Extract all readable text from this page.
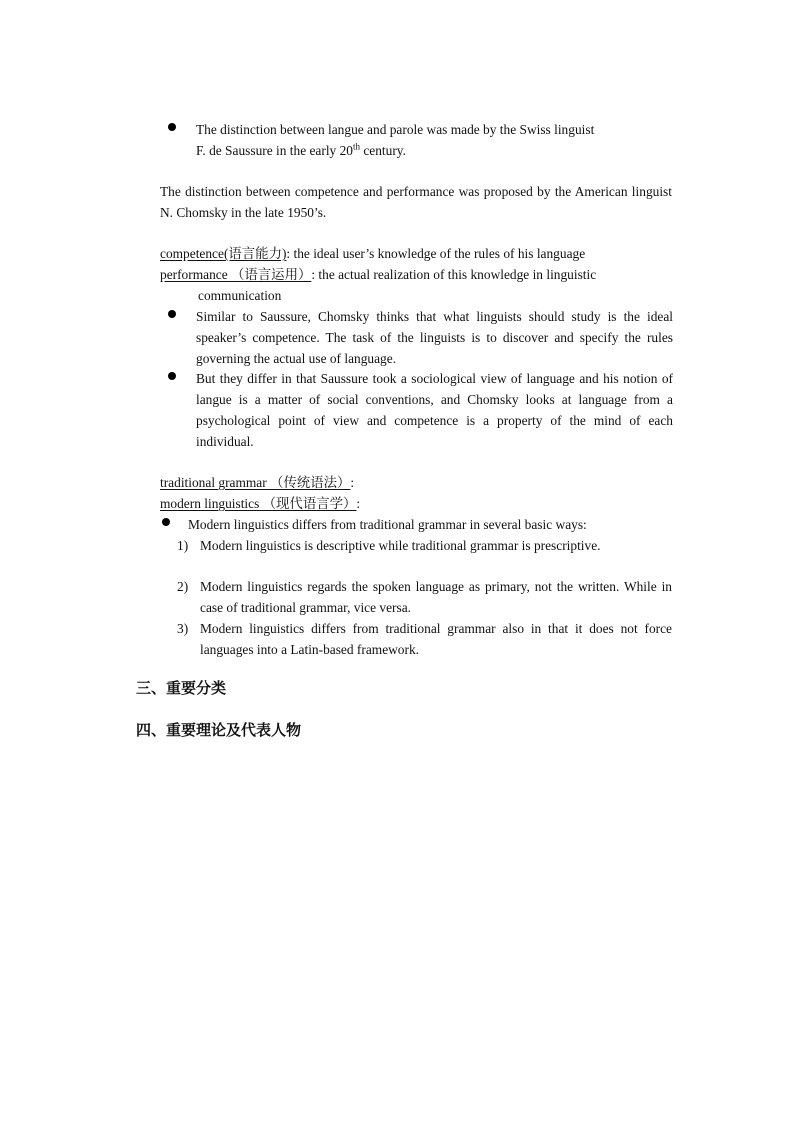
The distinction between langue and parole was made by the Swiss linguist
F. de Saussure in the early 20th century.
The distinction between competence and performance was proposed by the American linguist N. Chomsky in the late 1950’s.
competence(语言能力): the ideal user’s knowledge of the rules of his language
performance （语言运用）: the actual realization of this knowledge in linguistic
communication
Similar to Saussure, Chomsky thinks that what linguists should study is the ideal speaker’s competence. The task of the linguists is to discover and specify the rules governing the actual use of language.
But they differ in that Saussure took a sociological view of language and his notion of langue is a matter of social conventions, and Chomsky looks at language from a psychological point of view and competence is a property of the mind of each individual.
traditional grammar （传统语法）:
modern linguistics （现代语言学）:
Modern linguistics differs from traditional grammar in several basic ways:
1) Modern linguistics is descriptive while traditional grammar is prescriptive.
2) Modern linguistics regards the spoken language as primary, not the written. While in case of traditional grammar, vice versa.
3) Modern linguistics differs from traditional grammar also in that it does not force languages into a Latin-based framework.
三、重要分类
四、重要理论及代表人物
